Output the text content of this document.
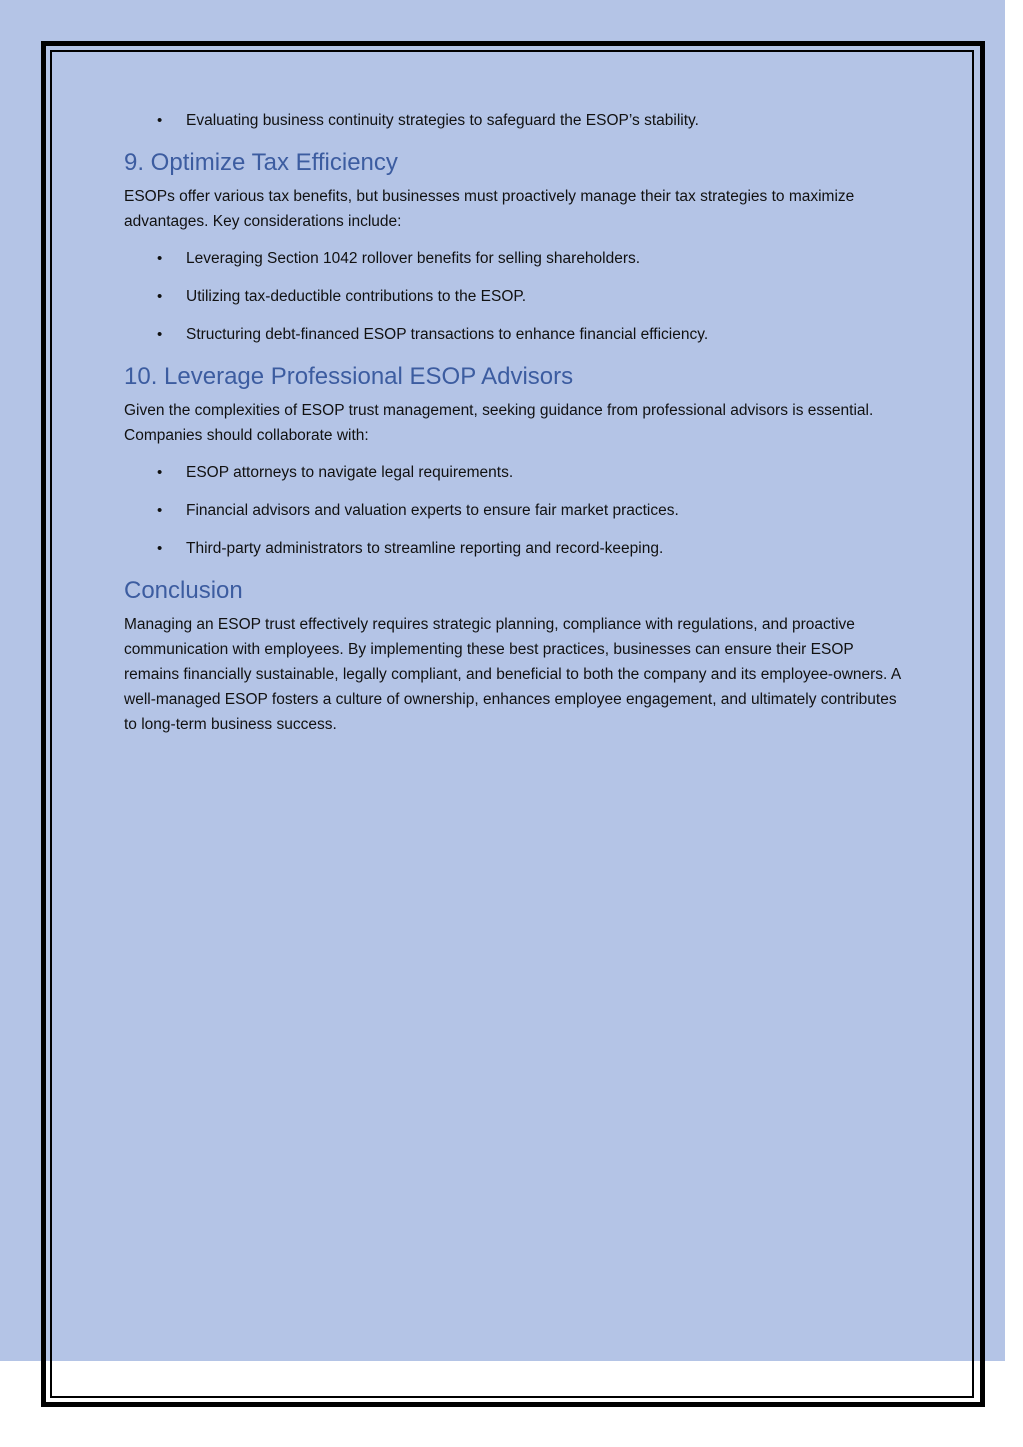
• Evaluating business continuity strategies to safeguard the ESOP’s stability.
9. Optimize Tax Efficiency

ESOPs offer various tax benefits, but businesses must proactively manage their tax strategies to maximize advantages. Key considerations include:

• Leveraging Section 1042 rollover benefits for selling shareholders.
• Utilizing tax-deductible contributions to the ESOP.
• Structuring debt-financed ESOP transactions to enhance financial efficiency.
10. Leverage Professional ESOP Advisors

Given the complexities of ESOP trust management, seeking guidance from professional advisors is essential. Companies should collaborate with:

• ESOP attorneys to navigate legal requirements.
• Financial advisors and valuation experts to ensure fair market practices.
• Third-party administrators to streamline reporting and record-keeping.
Conclusion

Managing an ESOP trust effectively requires strategic planning, compliance with regulations, and proactive communication with employees. By implementing these best practices, businesses can ensure their ESOP remains financially sustainable, legally compliant, and beneficial to both the company and its employee-owners. A well-managed ESOP fosters a culture of ownership, enhances employee engagement, and ultimately contributes to long-term business success.
